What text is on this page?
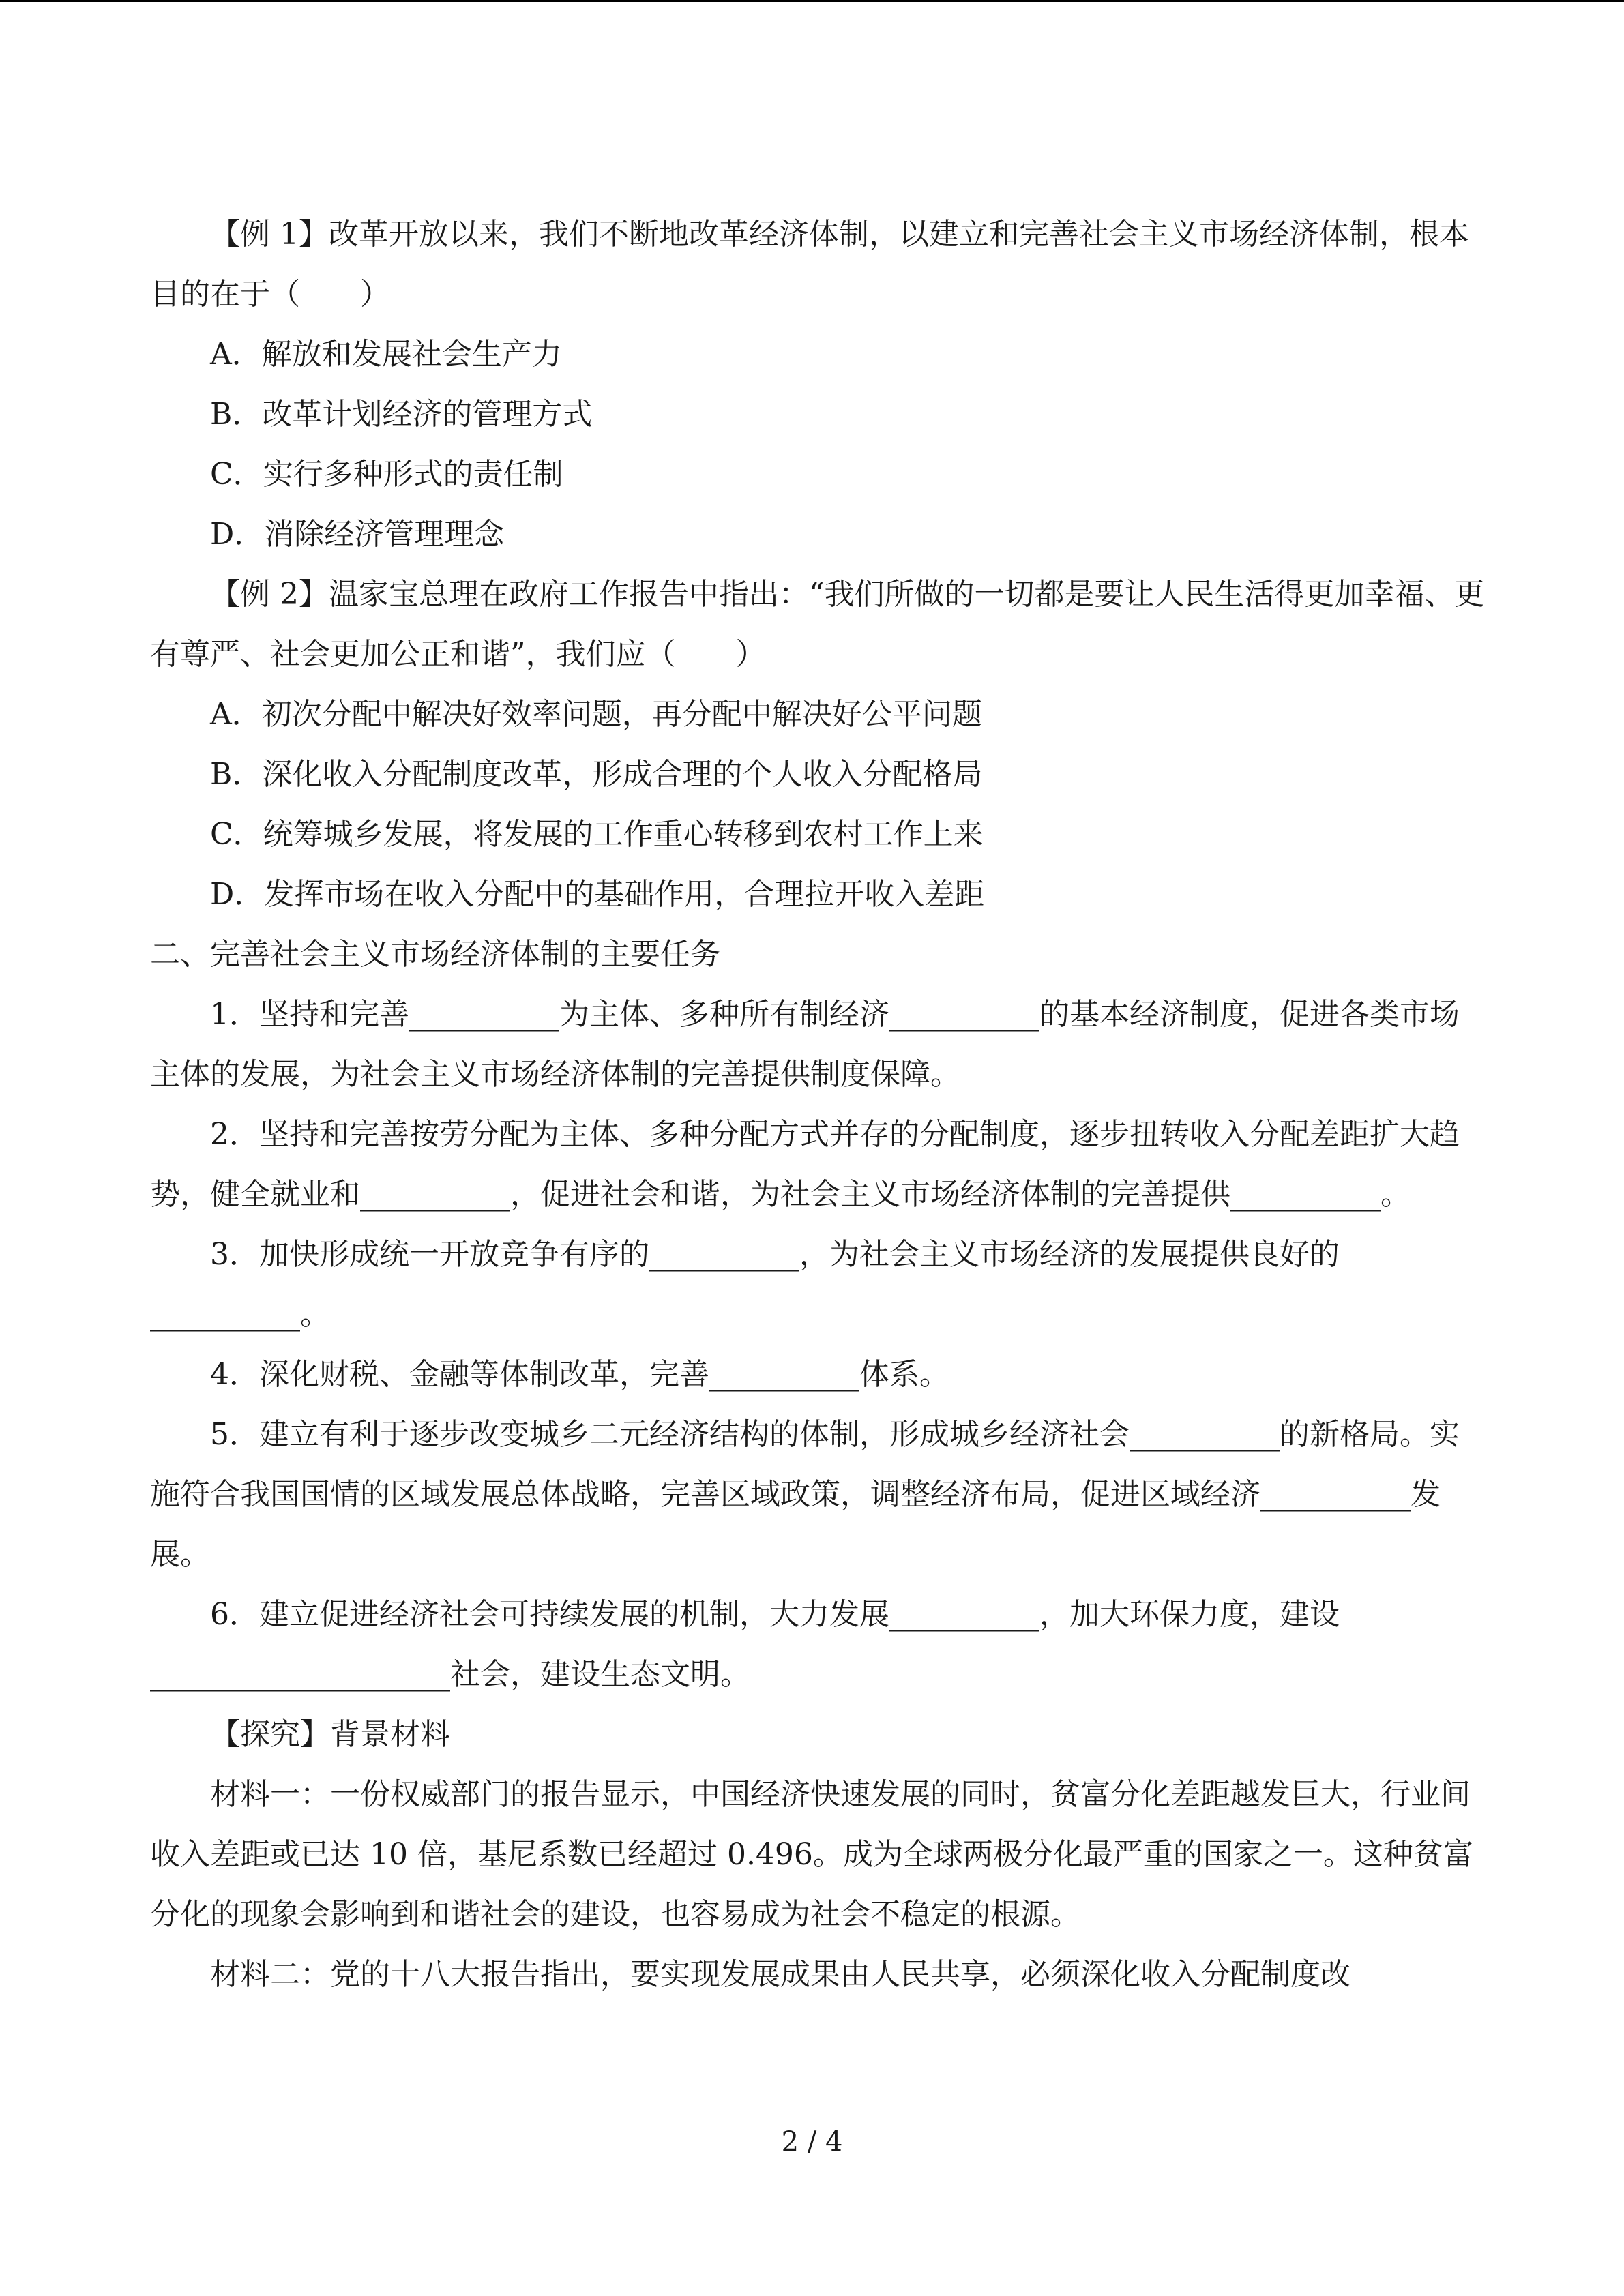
【例 1】改革开放以来，我们不断地改革经济体制，以建立和完善社会主义市场经济体制，根本目的在于（　　）

A．解放和发展社会生产力

B．改革计划经济的管理方式

C．实行多种形式的责任制

D．消除经济管理理念

【例 2】温家宝总理在政府工作报告中指出：“我们所做的一切都是要让人民生活得更加幸福、更有尊严、社会更加公正和谐”，我们应（　　）

A．初次分配中解决好效率问题，再分配中解决好公平问题

B．深化收入分配制度改革，形成合理的个人收入分配格局

C．统筹城乡发展，将发展的工作重心转移到农村工作上来

D．发挥市场在收入分配中的基础作用，合理拉开收入差距

二、完善社会主义市场经济体制的主要任务

1．坚持和完善__________为主体、多种所有制经济__________的基本经济制度，促进各类市场主体的发展，为社会主义市场经济体制的完善提供制度保障。

2．坚持和完善按劳分配为主体、多种分配方式并存的分配制度，逐步扭转收入分配差距扩大趋势，健全就业和__________，促进社会和谐，为社会主义市场经济体制的完善提供__________。

3．加快形成统一开放竞争有序的__________，为社会主义市场经济的发展提供良好的__________。

4．深化财税、金融等体制改革，完善__________体系。

5．建立有利于逐步改变城乡二元经济结构的体制，形成城乡经济社会__________的新格局。实施符合我国国情的区域发展总体战略，完善区域政策，调整经济布局，促进区域经济__________发展。

6．建立促进经济社会可持续发展的机制，大力发展__________，加大环保力度，建设____________________社会，建设生态文明。

【探究】背景材料

材料一：一份权威部门的报告显示，中国经济快速发展的同时，贫富分化差距越发巨大，行业间收入差距或已达 10 倍，基尼系数已经超过 0.496。成为全球两极分化最严重的国家之一。这种贫富分化的现象会影响到和谐社会的建设，也容易成为社会不稳定的根源。

材料二：党的十八大报告指出，要实现发展成果由人民共享，必须深化收入分配制度改

2 / 4
